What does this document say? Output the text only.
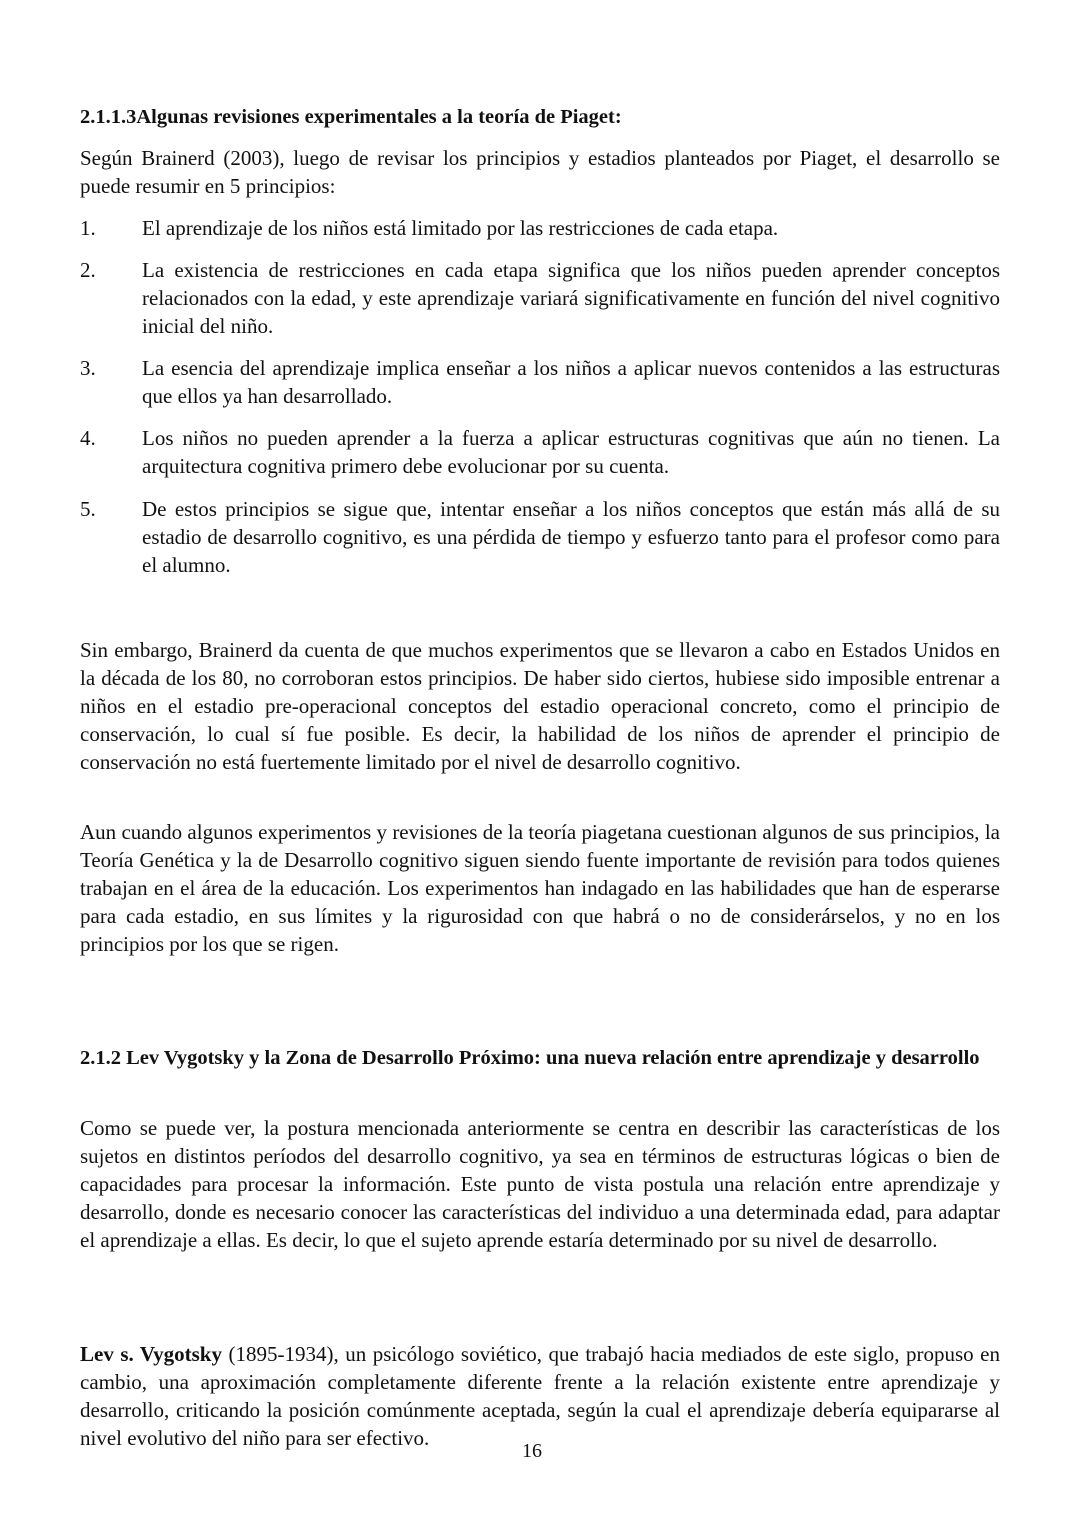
2.1.1.3Algunas revisiones experimentales a la teoría de Piaget:
Según Brainerd (2003), luego de revisar los principios y estadios planteados por Piaget, el desarrollo se puede resumir en 5 principios:
1. El aprendizaje de los niños está limitado por las restricciones de cada etapa.
2. La existencia de restricciones en cada etapa significa que los niños pueden aprender conceptos relacionados con la edad, y este aprendizaje variará significativamente en función del nivel cognitivo inicial del niño.
3. La esencia del aprendizaje implica enseñar a los niños a aplicar nuevos contenidos a las estructuras que ellos ya han desarrollado.
4. Los niños no pueden aprender a la fuerza a aplicar estructuras cognitivas que aún no tienen. La arquitectura cognitiva primero debe evolucionar por su cuenta.
5. De estos principios se sigue que, intentar enseñar a los niños conceptos que están más allá de su estadio de desarrollo cognitivo, es una pérdida de tiempo y esfuerzo tanto para el profesor como para el alumno.
Sin embargo, Brainerd da cuenta de que muchos experimentos que se llevaron a cabo en Estados Unidos en la década de los 80, no corroboran estos principios. De haber sido ciertos, hubiese sido imposible entrenar a niños en el estadio pre-operacional conceptos del estadio operacional concreto, como el principio de conservación, lo cual sí fue posible. Es decir, la habilidad de los niños de aprender el principio de conservación no está fuertemente limitado por el nivel de desarrollo cognitivo.
Aun cuando algunos experimentos y revisiones de la teoría piagetana cuestionan algunos de sus principios, la Teoría Genética y la de Desarrollo cognitivo siguen siendo fuente importante de revisión para todos quienes trabajan en el área de la educación. Los experimentos han indagado en las habilidades que han de esperarse para cada estadio, en sus límites y la rigurosidad con que habrá o no de considerárselos, y no en los principios por los que se rigen.
2.1.2 Lev Vygotsky y la Zona de Desarrollo Próximo: una nueva relación entre aprendizaje y desarrollo
Como se puede ver, la postura mencionada anteriormente se centra en describir las características de los sujetos en distintos períodos del desarrollo cognitivo, ya sea en términos de estructuras lógicas o bien de capacidades para procesar la información. Este punto de vista postula una relación entre aprendizaje y desarrollo, donde es necesario conocer las características del individuo a una determinada edad, para adaptar el aprendizaje a ellas. Es decir, lo que el sujeto aprende estaría determinado por su nivel de desarrollo.
Lev s. Vygotsky (1895-1934), un psicólogo soviético, que trabajó hacia mediados de este siglo, propuso en cambio, una aproximación completamente diferente frente a la relación existente entre aprendizaje y desarrollo, criticando la posición comúnmente aceptada, según la cual el aprendizaje debería equipararse al nivel evolutivo del niño para ser efectivo.
16
